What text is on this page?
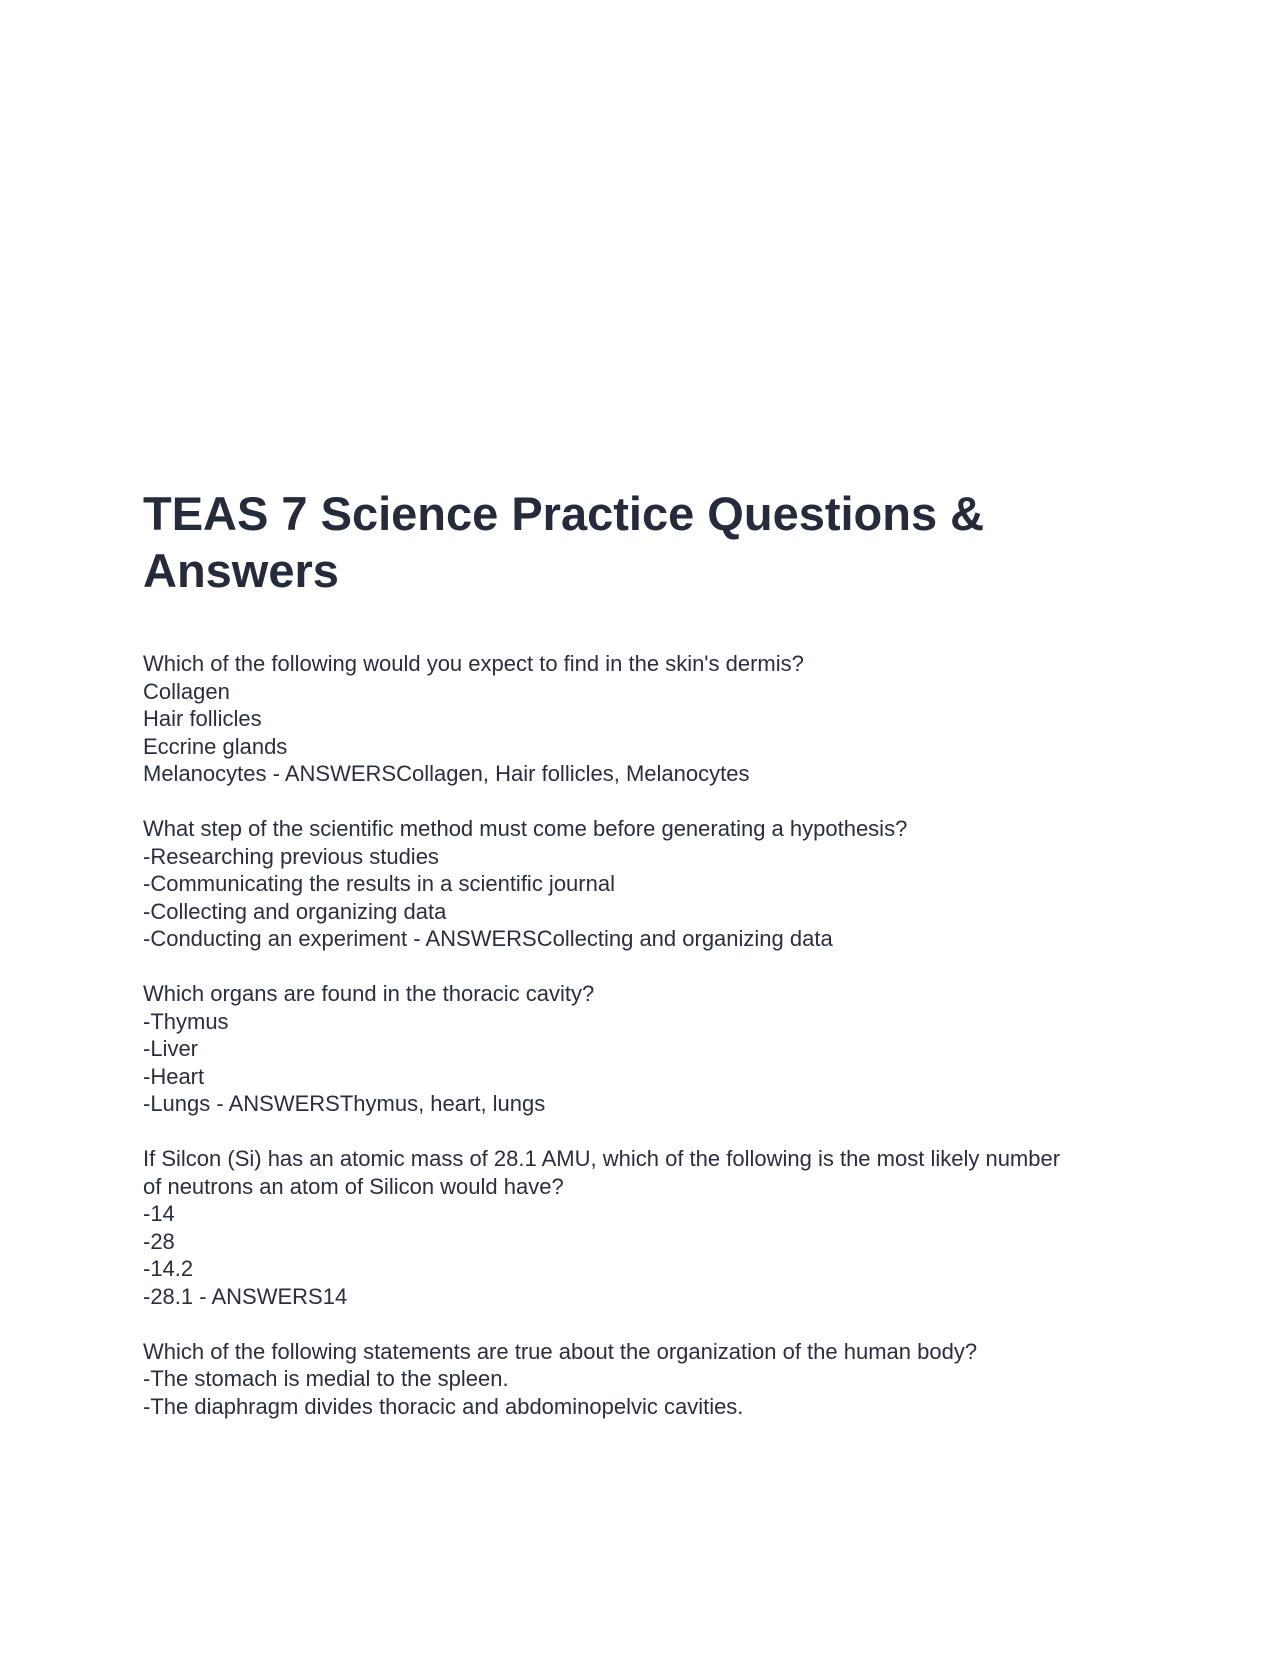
TEAS 7 Science Practice Questions & Answers
Which of the following would you expect to find in the skin's dermis?
Collagen
Hair follicles
Eccrine glands
Melanocytes - ANSWERSCollagen, Hair follicles, Melanocytes
What step of the scientific method must come before generating a hypothesis?
-Researching previous studies
-Communicating the results in a scientific journal
-Collecting and organizing data
-Conducting an experiment - ANSWERSCollecting and organizing data
Which organs are found in the thoracic cavity?
-Thymus
-Liver
-Heart
-Lungs - ANSWERSThymus, heart, lungs
If Silcon (Si) has an atomic mass of 28.1 AMU, which of the following is the most likely number of neutrons an atom of Silicon would have?
-14
-28
-14.2
-28.1 - ANSWERS14
Which of the following statements are true about the organization of the human body?
-The stomach is medial to the spleen.
-The diaphragm divides thoracic and abdominopelvic cavities.
